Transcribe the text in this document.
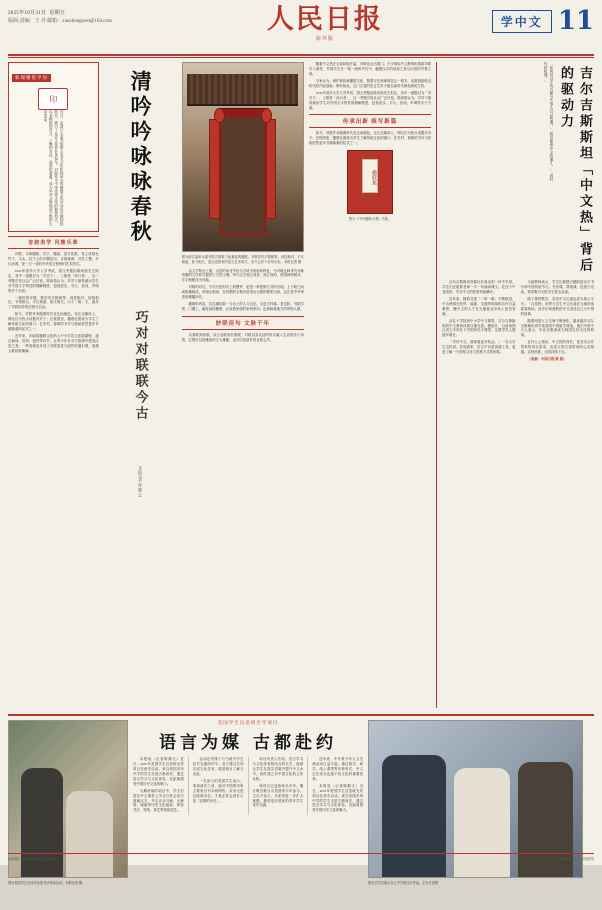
2025年10月31日 星期五
版面·责编：王 丹 邮箱：xuezhongwen@163.com	人民日报
海外版
学中文 11
新闻聚焦学问
印
近日，由浙江永嘉书院联合有关文化机构举办的楹联文化活动在各地陆续展开，吸引了众多文化爱好者参与。对联作为中华传统文化的独特形式，以其精练的语言、工整的对仗、深邃的意蕴，成为中华文脉绵延不绝的生动见证。
音韵美学 风雅乐章

对联，又称楹联、对子、楹帖，是写在纸、布上或刻在竹子、木头、柱子上的对偶语句，言简意深，对仗工整，平仄协调，是一字一音的中华语言独特的艺术形式。

1932年清华大学入学考试，国文考题由陈寅恪先生拟定，其中一道题目为「对对子」，上联是「孙行者」，这一考题引发社会广泛讨论。陈寅恪认为，对对子最易测出学生对中国文字特性的理解程度，包括虚实、平仄、语词、声调等多个方面。

一副好的对联，要讲究字数相等、词性相对、结构相应、节奏相合、平仄相谐、意义相关。六个「相」字，道尽了对联创作的法度与自由。

如今，对联并未随着时代变迁而褪色。在社交媒体上，网友们为热点话题对对子；在校园里，楹联社团成为学生了解传统文化的窗口；在乡村，春联的书写与张贴依然是年节最隆重的仪式之一。

近年来，多地将楹联文化纳入中小学语文拓展课程，通过诵读、赏析、创作等环节，让青少年在平仄格律中感受汉语之美。一些高校也开设了对联鉴赏与创作的通识课，选课人数常常爆满。

清吟吟咏咏春秋
巧对对联联今古
本报记者 陈 静 文
图为浙江温州永嘉书院古建筑门前悬挂的楹联。对联讲究字数相等、词性相对、平仄相谐、意义相关，是汉语独有的语言艺术形式，至今已有千余年历史。本报记者 摄

从文字特点上看，汉语的单音节性与方块字的形体特征，为对联这种讲究对称均衡的文学样式提供了天然土壤。每个汉字独立成音、独立成形，使得两两相对、字字相配成为可能。

对联的对仗，不仅仅是形式上的整齐，更是一种思维方式的呈现。上下联之间或相辅相成，或相反相成，在有限的字数内营造出无限的想象空间，这正是中华审美的精髓所在。

楹联的内容，往往凝结着一方水土的人文记忆。走进古村落、老宅院、书院学堂，门楣上、廊柱间的楹联，记录着家族的家风家训，也承载着地方的风物人情。

妙联佳句 文脉千年

从春联到寿联，从行业联到名胜联，对联以其灵活的形式融入生活的各个场景。它既可以是雅致的文人雅趣，也可以是质朴的百姓心声。

随着中文热在全球持续升温，对联也走出国门。不少国际中文教育机构将对联引入课堂，外国学生在一笔一画的书写中，触摸汉字的结构之美与汉语的节奏之妙。

专家认为，保护和传承楹联文化，既要守住格律规范这一根本，也要鼓励贴近时代的内容创新。唯有如此，这门古老的语言艺术才能在新时代焕发新的生机。

1932年清华大学入学考试，国文考题由陈寅恪先生拟定，其中一道题目为「对对子」，上联是「孙行者」，这一考题引发社会广泛讨论。陈寅恪认为，对对子最易测出学生对中国文字特性的理解程度，包括虚实、平仄、语词、声调等多个方面。

传承出新 续写新篇

如今，对联并未随着时代变迁而褪色。在社交媒体上，网友们为热点话题对对子；在校园里，楹联社团成为学生了解传统文化的窗口；在乡村，春联的书写与张贴依然是年节最隆重的仪式之一。

楹联集
图为《中华楹联大观》书影。	吉尔吉斯斯坦「中文热」背后的驱动力
「如何对汉字的兴趣与中国人自己相通？」「我们要做中文的通才。」「因时代的机遇。」

吉尔吉斯斯坦首都比什凯克的一所中学里，学生们正跟着老师一字一句诵读课文。在这个中亚国家，学习中文的热度持续攀升。

近年来，随着共建「一带一路」不断推进，中吉两国在经贸、能源、交通等领域的合作日益紧密，懂中文的人才在当地就业市场上备受青睐。

从孔子学院到中小学中文课堂，吉尔吉斯斯坦的中文教育体系日渐完善。据统计，目前该国已设立多所孔子学院和孔子课堂，注册学员人数逐年增长。

「学好中文，意味着更多机会。」一名大学生这样说。在他看来，语言不仅是沟通工具，更是了解一个国家文化与思维方式的钥匙。

当地教师表示，学生们最感兴趣的是汉字书写和中国传统节日。书法课、剪纸课、包饺子活动，常常吸引大批学生报名参加。

除了课堂教学，各类中文比赛也成为展示平台。「汉语桥」世界大学生中文比赛在当地的选拔赛现场，选手们用流利的中文讲述自己与中国的故事。

随着两国人文交流不断深化，越来越多吉尔吉斯斯坦青年希望到中国留学深造。他们中的不少人表示，毕业后愿意成为两国友好交往的桥梁。

业内人士指出，中文热的背后，是务实合作带来的现实需求，也是文明互鉴带来的心灵相通。这种热度，还将持续下去。

（来源：中国日报 陈 晨）

图为美国学生在西安参加书法体验活动。本报记者 摄
美国学生汉语研光导项目
语言为媒 古都赴约

本报电（记者陈静文）近日，2025年美国学生汉语研光导项目在西安启动。来自美国多所中学的学生走进古都西安，通过语言学习与文化体验，近距离感受中国历史文化的魅力。

为期两周的项目中，学生们将在中文课堂上学习日常会话与基础汉字，并走访兵马俑、大雁塔、城墙等历史文化地标，体验书法、剪纸、茶艺等传统技艺。

活动还安排了与当地中学生结对交流的环节。双方通过共同完成文化任务，增进相互了解与友谊。

一名参与的美国学生表示，来到西安之前，他对中国的印象主要来自书本和网络；亲身走进这座城市后，才真正体会到什么是「活着的历史」。

项目负责人介绍，语言学习与文化体验相结合的方式，能够让学生在真实语境中提升中文水平，同时建立对中国文化的立体认知。

该项目已连续举办多年，累计吸引数百名美国青少年参与。主办方表示，未来将进一步扩大规模，邀请更多国家的青年学生来华交流。

近年来，中外青少年人文交流活动日益丰富。通过游学、研学、线上课堂等多种形式，中文正在成为连接不同文化的重要纽带。

本报电（记者陈静文）近日，2025年美国学生汉语研光导项目在西安启动。来自美国多所中学的学生走进古都西安，通过语言学习与文化体验，近距离感受中国历史文化的魅力。

图为学生们展示自己书写的汉字作品。主办方供图
本版图片除署名外均由主办方提供	郑亚文主编|出版社 美术中国|联络
